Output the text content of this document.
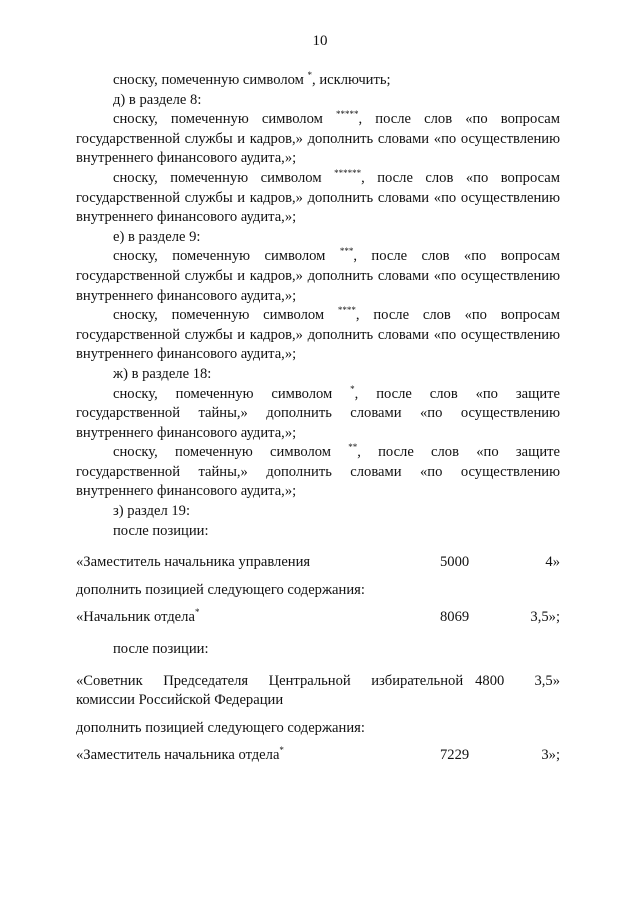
10

сноску, помеченную символом *, исключить;

д) в разделе 8:

сноску, помеченную символом *****, после слов «по вопросам государственной службы и кадров,» дополнить словами «по осуществлению внутреннего финансового аудита,»;

сноску, помеченную символом ******, после слов «по вопросам государственной службы и кадров,» дополнить словами «по осуществлению внутреннего финансового аудита,»;

е) в разделе 9:

сноску, помеченную символом ***, после слов «по вопросам государственной службы и кадров,» дополнить словами «по осуществлению внутреннего финансового аудита,»;

сноску, помеченную символом ****, после слов «по вопросам государственной службы и кадров,» дополнить словами «по осуществлению внутреннего финансового аудита,»;

ж) в разделе 18:

сноску, помеченную символом *, после слов «по защите государственной тайны,» дополнить словами «по осуществлению внутреннего финансового аудита,»;

сноску, помеченную символом **, после слов «по защите государственной тайны,» дополнить словами «по осуществлению внутреннего финансового аудита,»;

з) раздел 19:

после позиции:

«Заместитель начальника управления	5000	4»

дополнить позицией следующего содержания:

«Начальник отдела*	8069	3,5»;

после позиции:

«Советник Председателя Центральной избирательной комиссии Российской Федерации
4800	3,5»

дополнить позицией следующего содержания:

«Заместитель начальника отдела*	7229	3»;
